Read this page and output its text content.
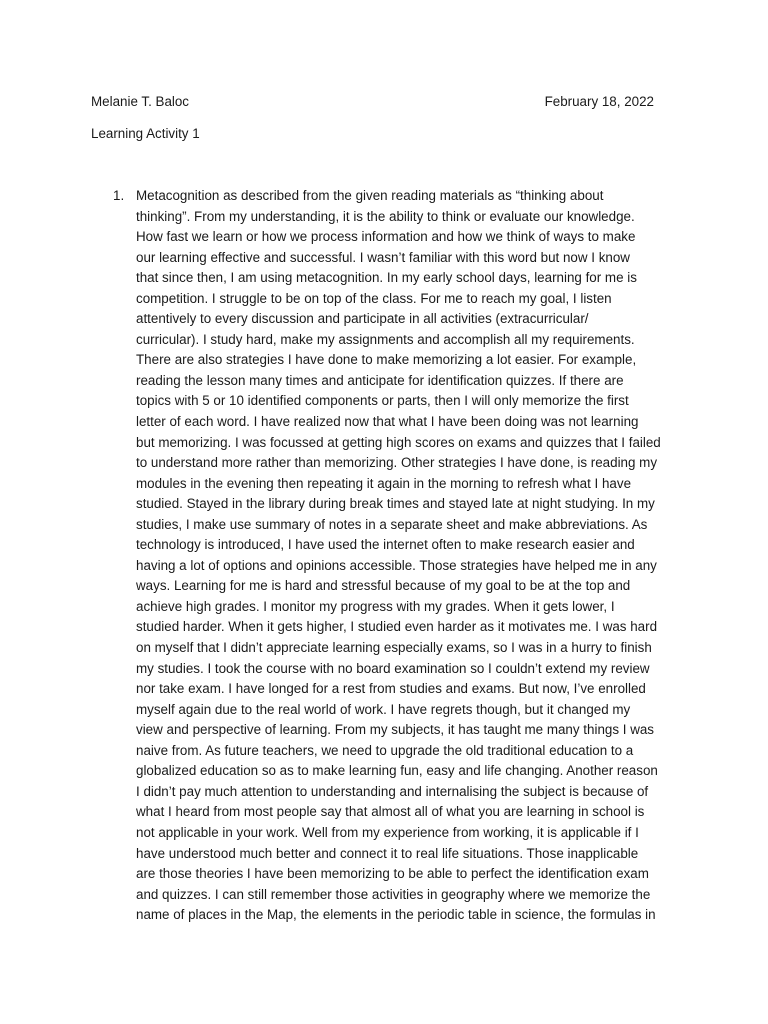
Melanie T. Baloc	February 18, 2022
Learning Activity 1
1. Metacognition as described from the given reading materials as “thinking about
thinking”. From my understanding, it is the ability to think or evaluate our knowledge.
How fast we learn or how we process information and how we think of ways to make
our learning effective and successful. I wasn’t familiar with this word but now I know
that since then, I am using metacognition. In my early school days, learning for me is
competition. I struggle to be on top of the class. For me to reach my goal, I listen
attentively to every discussion and participate in all activities (extracurricular/
curricular). I study hard, make my assignments and accomplish all my requirements.
There are also strategies I have done to make memorizing a lot easier. For example,
reading the lesson many times and anticipate for identification quizzes. If there are
topics with 5 or 10 identified components or parts, then I will only memorize the first
letter of each word. I have realized now that what I have been doing was not learning
but memorizing. I was focussed at getting high scores on exams and quizzes that I failed
to understand more rather than memorizing. Other strategies I have done, is reading my
modules in the evening then repeating it again in the morning to refresh what I have
studied. Stayed in the library during break times and stayed late at night studying. In my
studies, I make use summary of notes in a separate sheet and make abbreviations. As
technology is introduced, I have used the internet often to make research easier and
having a lot of options and opinions accessible. Those strategies have helped me in any
ways. Learning for me is hard and stressful because of my goal to be at the top and
achieve high grades. I monitor my progress with my grades. When it gets lower, I
studied harder. When it gets higher, I studied even harder as it motivates me. I was hard
on myself that I didn’t appreciate learning especially exams, so I was in a hurry to finish
my studies. I took the course with no board examination so I couldn’t extend my review
nor take exam. I have longed for a rest from studies and exams. But now, I’ve enrolled
myself again due to the real world of work. I have regrets though, but it changed my
view and perspective of learning. From my subjects, it has taught me many things I was
naive from. As future teachers, we need to upgrade the old traditional education to a
globalized education so as to make learning fun, easy and life changing. Another reason
I didn’t pay much attention to understanding and internalising the subject is because of
what I heard from most people say that almost all of what you are learning in school is
not applicable in your work. Well from my experience from working, it is applicable if I
have understood much better and connect it to real life situations. Those inapplicable
are those theories I have been memorizing to be able to perfect the identification exam
and quizzes. I can still remember those activities in geography where we memorize the
name of places in the Map, the elements in the periodic table in science, the formulas in
